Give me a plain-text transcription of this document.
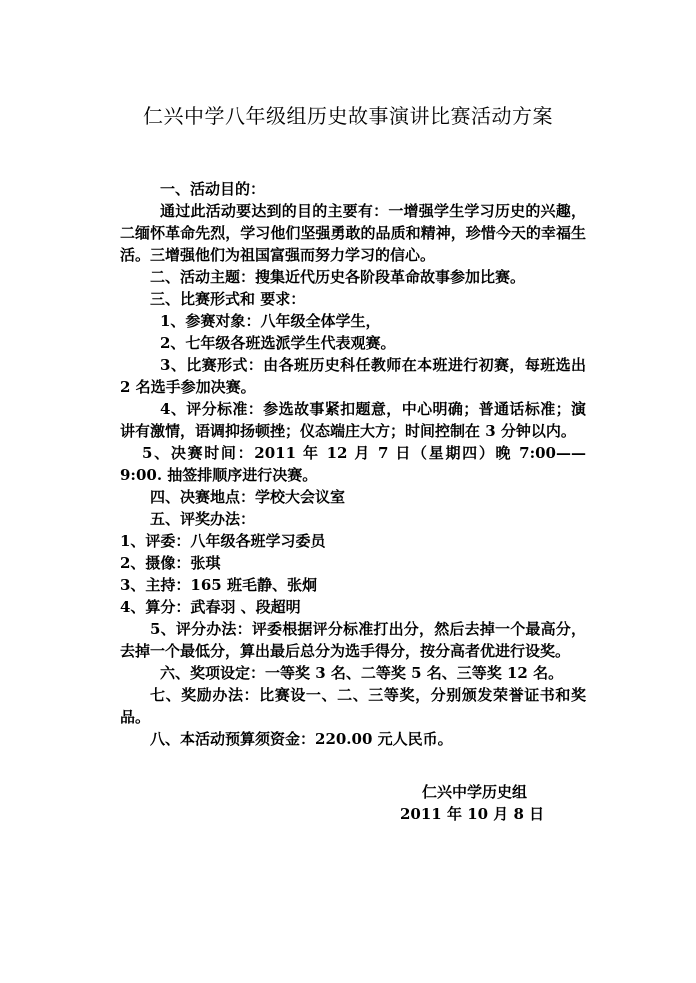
仁兴中学八年级组历史故事演讲比赛活动方案

一、活动目的：

通过此活动要达到的目的主要有：一增强学生学习历史的兴趣，二缅怀革命先烈，学习他们坚强勇敢的品质和精神，珍惜今天的幸福生活。三增强他们为祖国富强而努力学习的信心。

二、活动主题：搜集近代历史各阶段革命故事参加比赛。

三、比赛形式和 要求：

1、参赛对象：八年级全体学生，

2、七年级各班选派学生代表观赛。

3、比赛形式：由各班历史科任教师在本班进行初赛，每班选出 2 名选手参加决赛。

4、评分标准：参选故事紧扣题意，中心明确；普通话标准；演讲有激情，语调抑扬顿挫；仪态端庄大方；时间控制在 3 分钟以内。

5、决赛时间：2011 年 12 月 7 日（星期四）晚 7:00——9:00. 抽签排顺序进行决赛。

四、决赛地点：学校大会议室

五、评奖办法：

1、评委：八年级各班学习委员

2、摄像：张琪

3、主持：165 班毛静、张炯

4、算分：武春羽 、段超明

5、评分办法：评委根据评分标准打出分，然后去掉一个最高分，去掉一个最低分，算出最后总分为选手得分，按分高者优进行设奖。

六、奖项设定：一等奖 3 名、二等奖 5 名、三等奖 12 名。

七、奖励办法：比赛设一、二、三等奖，分别颁发荣誉证书和奖品。

八、本活动预算须资金：220.00 元人民币。

仁兴中学历史组
2011 年 10 月 8 日
